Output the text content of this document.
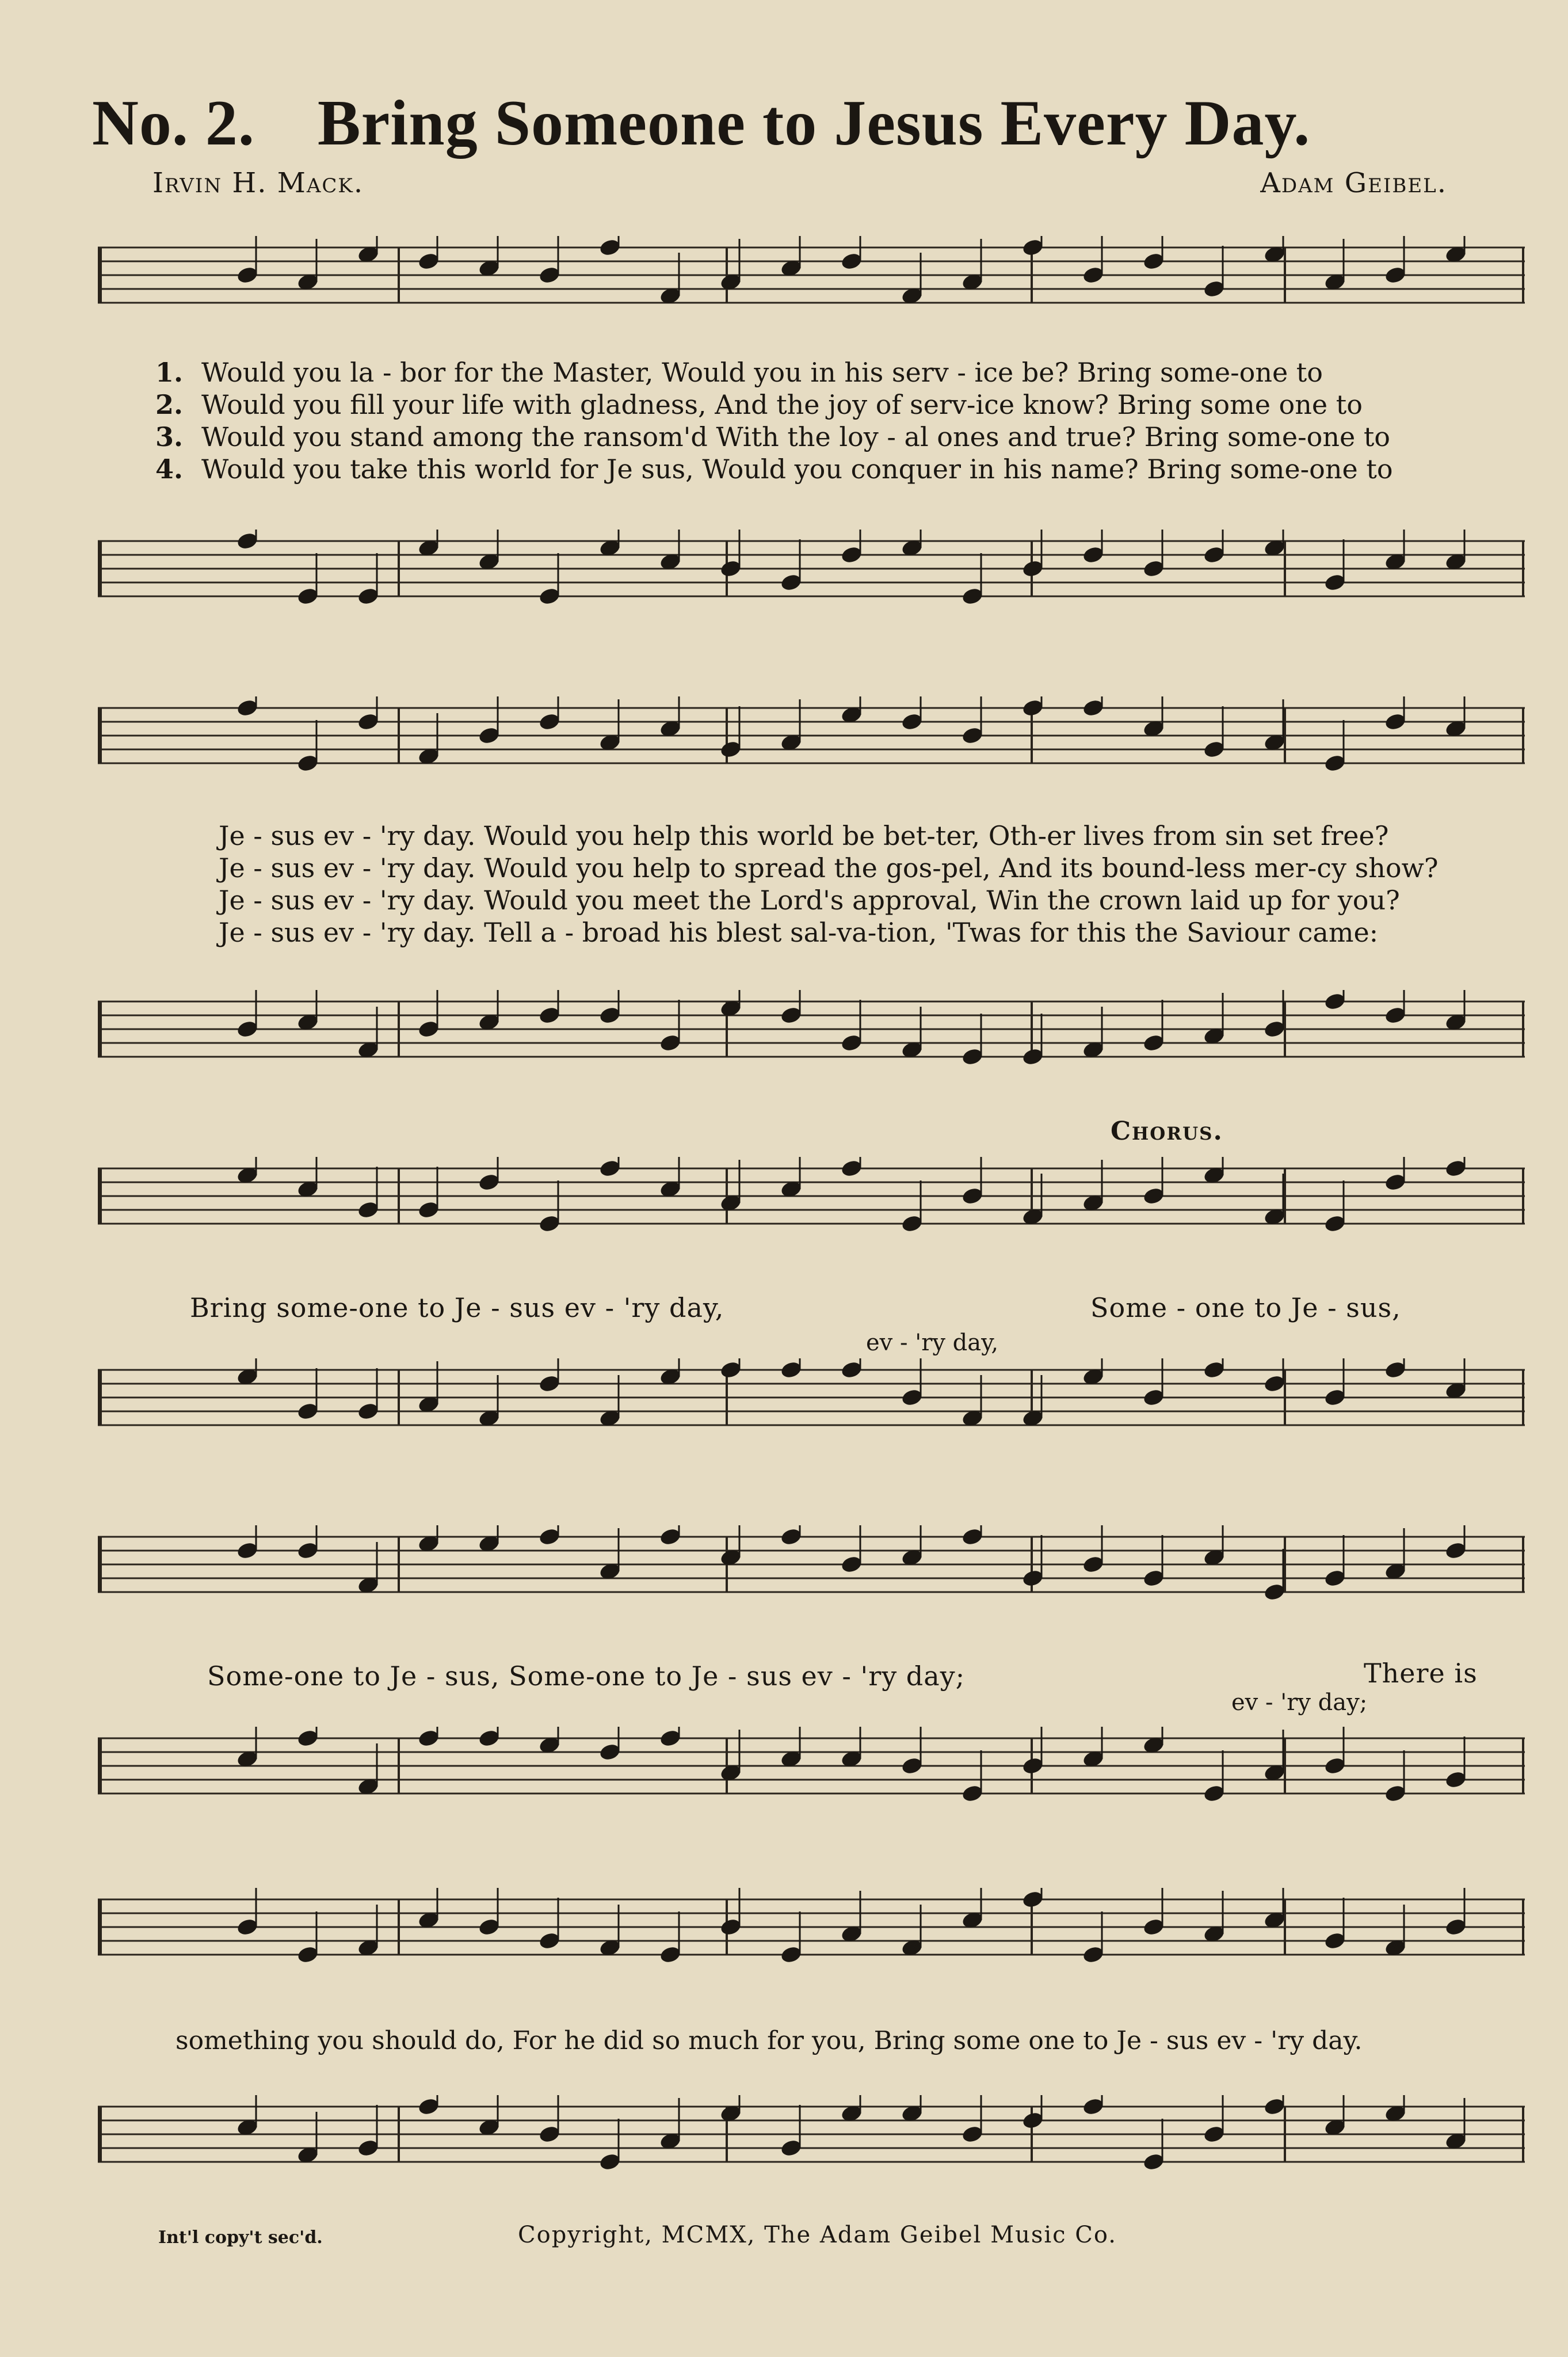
No. 2. Bring Someone to Jesus Every Day.
Irvin H. Mack.	Adam Geibel.
1. Would you la - bor for the Master, Would you in his serv - ice be? Bring some-one to
2. Would you fill your life with gladness, And the joy of serv-ice know? Bring some one to
3. Would you stand among the ransom'd With the loy - al ones and true? Bring some-one to
4. Would you take this world for Je sus, Would you conquer in his name? Bring some-one to
Je - sus ev - 'ry day. Would you help this world be bet-ter, Oth-er lives from sin set free?
Je - sus ev - 'ry day. Would you help to spread the gos-pel, And its bound-less mer-cy show?
Je - sus ev - 'ry day. Would you meet the Lord's approval, Win the crown laid up for you?
Je - sus ev - 'ry day. Tell a - broad his blest sal-va-tion, 'Twas for this the Saviour came:
Chorus.
Bring some-one to Je - sus ev - 'ry day,	Some - one to Je - sus,
ev - 'ry day,
Some-one to Je - sus, Some-one to Je - sus ev - 'ry day;	There is
ev - 'ry day;
something you should do, For he did so much for you, Bring some one to Je - sus ev - 'ry day.
Int'l copy't sec'd.	Copyright, MCMX, The Adam Geibel Music Co.
